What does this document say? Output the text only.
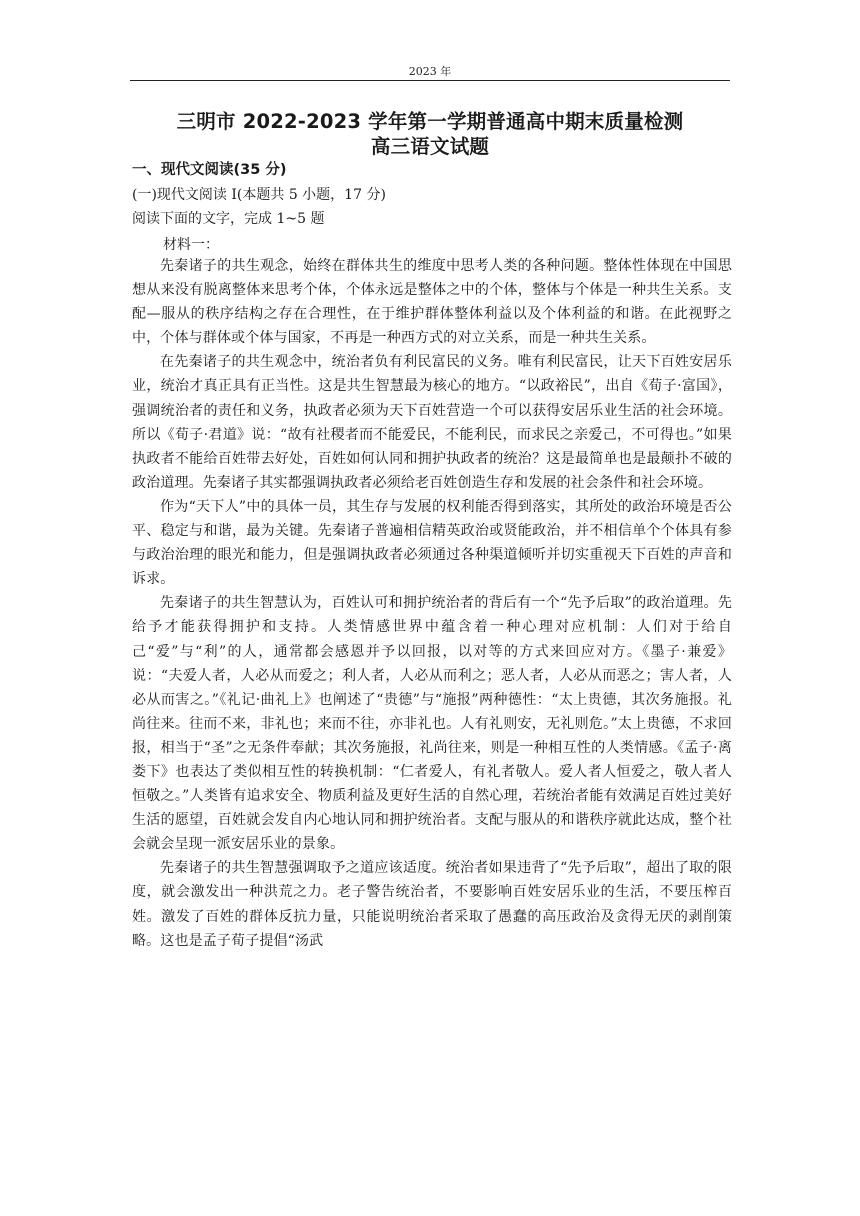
2023 年
三明市 2022-2023 学年第一学期普通高中期末质量检测
高三语文试题
一、现代文阅读(35 分)
(一)现代文阅读 I(本题共 5 小题，17 分)
阅读下面的文字，完成 1~5 题
材料一：

先秦诸子的共生观念，始终在群体共生的维度中思考人类的各种问题。整体性体现在中国思想从来没有脱离整体来思考个体，个体永远是整体之中的个体，整体与个体是一种共生关系。支配—服从的秩序结构之存在合理性，在于维护群体整体利益以及个体利益的和谐。在此视野之中，个体与群体或个体与国家，不再是一种西方式的对立关系，而是一种共生关系。

在先秦诸子的共生观念中，统治者负有利民富民的义务。唯有利民富民，让天下百姓安居乐业，统治才真正具有正当性。这是共生智慧最为核心的地方。“以政裕民”，出自《荀子·富国》，强调统治者的责任和义务，执政者必须为天下百姓营造一个可以获得安居乐业生活的社会环境。所以《荀子·君道》说：“故有社稷者而不能爱民，不能利民，而求民之亲爱己，不可得也。”如果执政者不能给百姓带去好处，百姓如何认同和拥护执政者的统治？这是最简单也是最颠扑不破的政治道理。先秦诸子其实都强调执政者必须给老百姓创造生存和发展的社会条件和社会环境。

作为“天下人”中的具体一员，其生存与发展的权利能否得到落实，其所处的政治环境是否公平、稳定与和谐，最为关键。先秦诸子普遍相信精英政治或贤能政治，并不相信单个个体具有参与政治治理的眼光和能力，但是强调执政者必须通过各种渠道倾听并切实重视天下百姓的声音和诉求。

先秦诸子的共生智慧认为，百姓认可和拥护统治者的背后有一个“先予后取”的政治道理。先给予才能获得拥护和支持。人类情感世界中蕴含着一种心理对应机制：人们对于给自己“爱”与“利”的人，通常都会感恩并予以回报，以对等的方式来回应对方。《墨子·兼爱》说：“夫爱人者，人必从而爱之；利人者，人必从而利之；恶人者，人必从而恶之；害人者，人必从而害之。”《礼记·曲礼上》也阐述了“贵德”与“施报”两种德性：“太上贵德，其次务施报。礼尚往来。往而不来，非礼也；来而不往，亦非礼也。人有礼则安，无礼则危。”太上贵德，不求回报，相当于“圣”之无条件奉献；其次务施报，礼尚往来，则是一种相互性的人类情感。《孟子·离娄下》也表达了类似相互性的转换机制：“仁者爱人，有礼者敬人。爱人者人恒爱之，敬人者人恒敬之。”人类皆有追求安全、物质利益及更好生活的自然心理，若统治者能有效满足百姓过美好生活的愿望，百姓就会发自内心地认同和拥护统治者。支配与服从的和谐秩序就此达成，整个社会就会呈现一派安居乐业的景象。

先秦诸子的共生智慧强调取予之道应该适度。统治者如果违背了“先予后取”，超出了取的限度，就会激发出一种洪荒之力。老子警告统治者，不要影响百姓安居乐业的生活，不要压榨百姓。激发了百姓的群体反抗力量，只能说明统治者采取了愚蠢的高压政治及贪得无厌的剥削策略。这也是孟子荀子提倡“汤武
